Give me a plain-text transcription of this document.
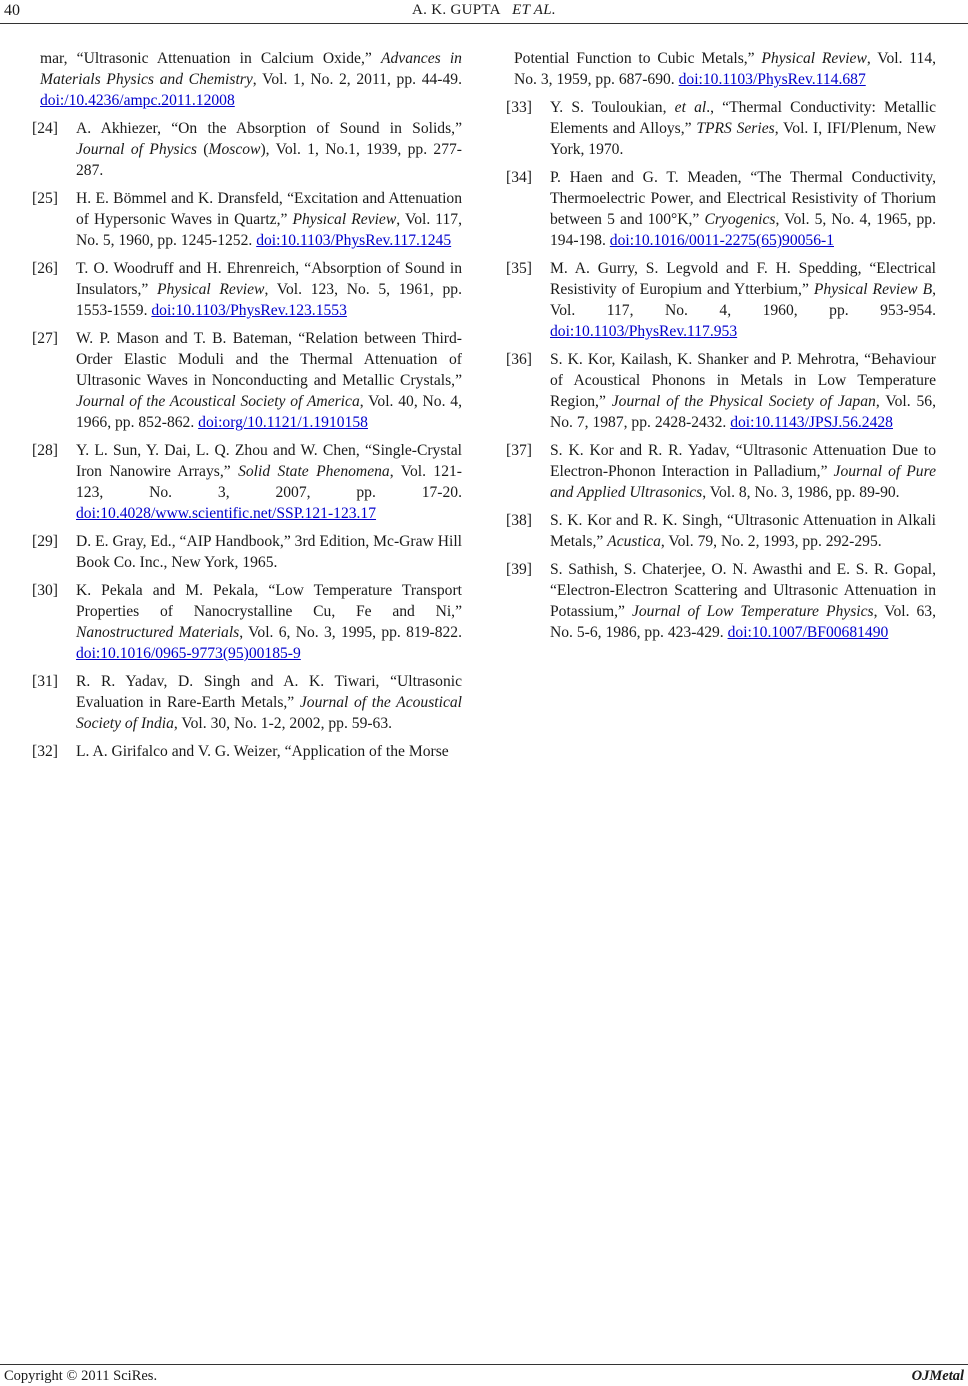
40	A. K. GUPTA ET AL.
mar, “Ultrasonic Attenuation in Calcium Oxide,” Advances in Materials Physics and Chemistry, Vol. 1, No. 2, 2011, pp. 44-49. doi:/10.4236/ampc.2011.12008
[24] A. Akhiezer, “On the Absorption of Sound in Solids,” Journal of Physics (Moscow), Vol. 1, No.1, 1939, pp. 277-287.
[25] H. E. Bömmel and K. Dransfeld, “Excitation and Attenuation of Hypersonic Waves in Quartz,” Physical Review, Vol. 117, No. 5, 1960, pp. 1245-1252. doi:10.1103/PhysRev.117.1245
[26] T. O. Woodruff and H. Ehrenreich, “Absorption of Sound in Insulators,” Physical Review, Vol. 123, No. 5, 1961, pp. 1553-1559. doi:10.1103/PhysRev.123.1553
[27] W. P. Mason and T. B. Bateman, “Relation between Third-Order Elastic Moduli and the Thermal Attenuation of Ultrasonic Waves in Nonconducting and Metallic Crystals,” Journal of the Acoustical Society of America, Vol. 40, No. 4, 1966, pp. 852-862. doi:org/10.1121/1.1910158
[28] Y. L. Sun, Y. Dai, L. Q. Zhou and W. Chen, “Single-Crystal Iron Nanowire Arrays,” Solid State Phenomena, Vol. 121-123, No. 3, 2007, pp. 17-20. doi:10.4028/www.scientific.net/SSP.121-123.17
[29] D. E. Gray, Ed., “AIP Handbook,” 3rd Edition, Mc-Graw Hill Book Co. Inc., New York, 1965.
[30] K. Pekala and M. Pekala, “Low Temperature Transport Properties of Nanocrystalline Cu, Fe and Ni,” Nanostructured Materials, Vol. 6, No. 3, 1995, pp. 819-822. doi:10.1016/0965-9773(95)00185-9
[31] R. R. Yadav, D. Singh and A. K. Tiwari, “Ultrasonic Evaluation in Rare-Earth Metals,” Journal of the Acoustical Society of India, Vol. 30, No. 1-2, 2002, pp. 59-63.
[32] L. A. Girifalco and V. G. Weizer, “Application of the Morse
Potential Function to Cubic Metals,” Physical Review, Vol. 114, No. 3, 1959, pp. 687-690. doi:10.1103/PhysRev.114.687
[33] Y. S. Touloukian, et al., “Thermal Conductivity: Metallic Elements and Alloys,” TPRS Series, Vol. I, IFI/Plenum, New York, 1970.
[34] P. Haen and G. T. Meaden, “The Thermal Conductivity, Thermoelectric Power, and Electrical Resistivity of Thorium between 5 and 100°K,” Cryogenics, Vol. 5, No. 4, 1965, pp. 194-198. doi:10.1016/0011-2275(65)90056-1
[35] M. A. Gurry, S. Legvold and F. H. Spedding, “Electrical Resistivity of Europium and Ytterbium,” Physical Review B, Vol. 117, No. 4, 1960, pp. 953-954. doi:10.1103/PhysRev.117.953
[36] S. K. Kor, Kailash, K. Shanker and P. Mehrotra, “Behaviour of Acoustical Phonons in Metals in Low Temperature Region,” Journal of the Physical Society of Japan, Vol. 56, No. 7, 1987, pp. 2428-2432. doi:10.1143/JPSJ.56.2428
[37] S. K. Kor and R. R. Yadav, “Ultrasonic Attenuation Due to Electron-Phonon Interaction in Palladium,” Journal of Pure and Applied Ultrasonics, Vol. 8, No. 3, 1986, pp. 89-90.
[38] S. K. Kor and R. K. Singh, “Ultrasonic Attenuation in Alkali Metals,” Acustica, Vol. 79, No. 2, 1993, pp. 292-295.
[39] S. Sathish, S. Chaterjee, O. N. Awasthi and E. S. R. Gopal, “Electron-Electron Scattering and Ultrasonic Attenuation in Potassium,” Journal of Low Temperature Physics, Vol. 63, No. 5-6, 1986, pp. 423-429. doi:10.1007/BF00681490
Copyright © 2011 SciRes.	OJMetal
